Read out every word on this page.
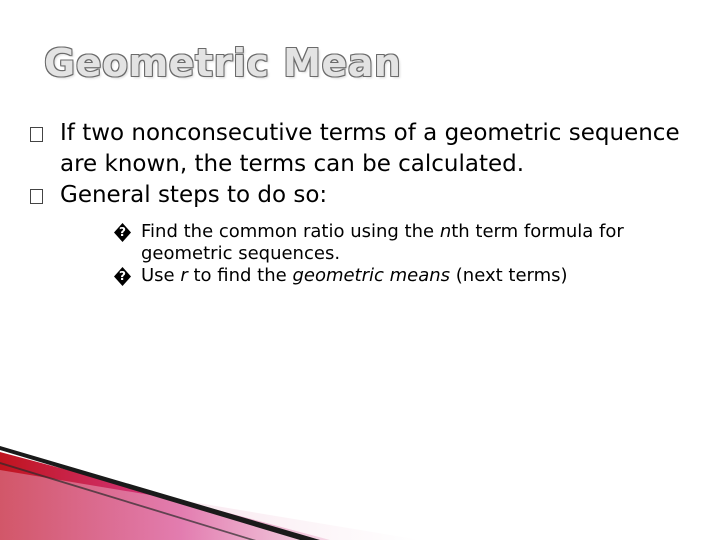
Geometric Mean
If two nonconsecutive terms of a geometric sequence are known, the terms can be calculated.
General steps to do so:
?
Find the common ratio using the nth term formula for geometric sequences.
?
Use r to find the geometric means (next terms)
